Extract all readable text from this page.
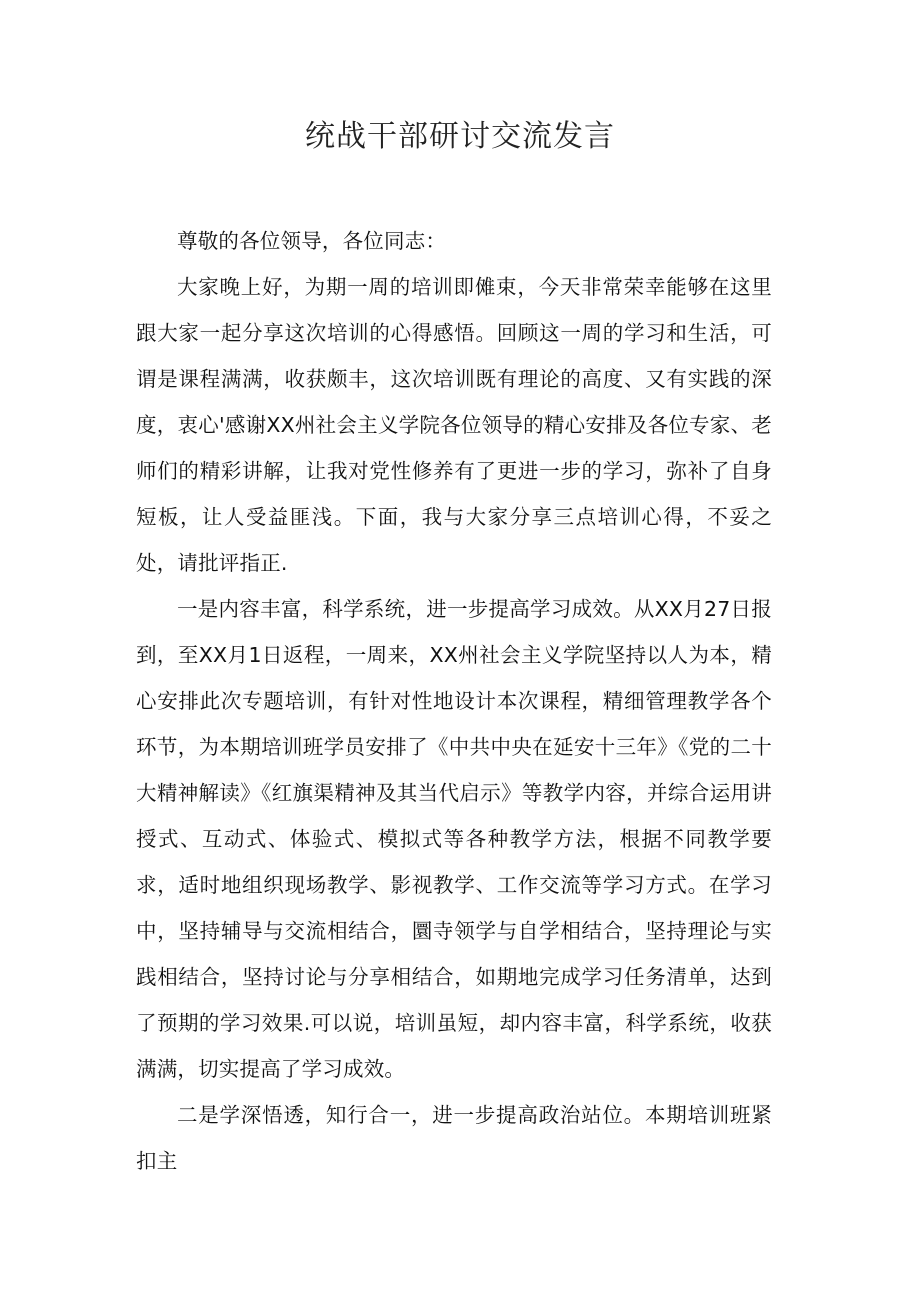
统战干部研讨交流发言

尊敬的各位领导，各位同志：

大家晚上好，为期一周的培训即傩束，今天非常荣幸能够在这里跟大家一起分享这次培训的心得感悟。回顾这一周的学习和生活，可谓是课程满满，收获颇丰，这次培训既有理论的高度、又有实践的深度，衷心'感谢XX州社会主义学院各位领导的精心安排及各位专家、老师们的精彩讲解，让我对党性修养有了更进一步的学习，弥补了自身短板，让人受益匪浅。下面，我与大家分享三点培训心得，不妥之处，请批评指正.

一是内容丰富，科学系统，进一步提高学习成效。从XX月27日报到，至XX月1日返程，一周来，XX州社会主义学院坚持以人为本，精心安排此次专题培训，有针对性地设计本次课程，精细管理教学各个环节，为本期培训班学员安排了《中共中央在延安十三年》《党的二十大精神解读》《红旗渠精神及其当代启示》等教学内容，并综合运用讲授式、互动式、体验式、模拟式等各种教学方法，根据不同教学要求，适时地组织现场教学、影视教学、工作交流等学习方式。在学习中，坚持辅导与交流相结合，圜寺领学与自学相结合，坚持理论与实践相结合，坚持讨论与分享相结合，如期地完成学习任务清单，达到了预期的学习效果.可以说，培训虽短，却内容丰富，科学系统，收获满满，切实提高了学习成效。

二是学深悟透，知行合一，进一步提高政治站位。本期培训班紧扣主
